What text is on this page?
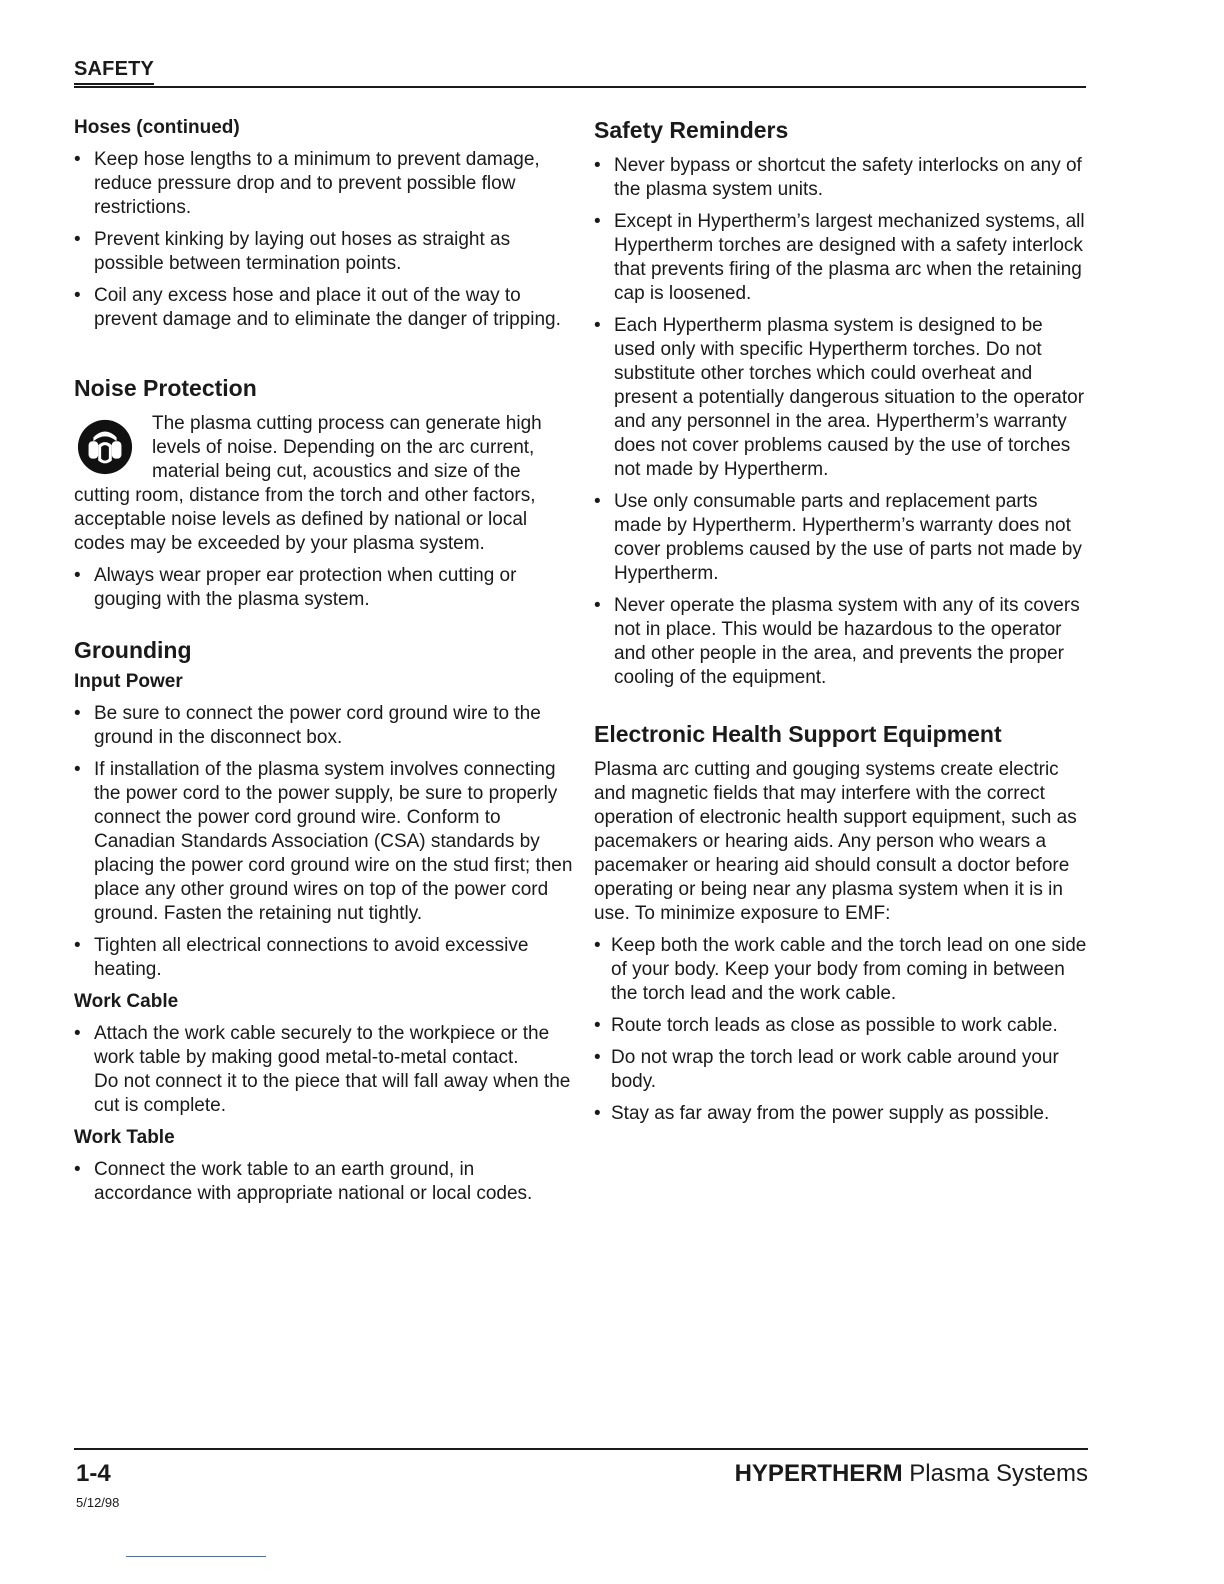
SAFETY
Hoses (continued)
• Keep hose lengths to a minimum to prevent damage, reduce pressure drop and to prevent possible flow restrictions.
• Prevent kinking by laying out hoses as straight as possible between termination points.
• Coil any excess hose and place it out of the way to prevent damage and to eliminate the danger of tripping.
Noise Protection

The plasma cutting process can generate high levels of noise. Depending on the arc current, material being cut, acoustics and size of the cutting room, distance from the torch and other factors, acceptable noise levels as defined by national or local codes may be exceeded by your plasma system.

• Always wear proper ear protection when cutting or gouging with the plasma system.
Grounding
Input Power
• Be sure to connect the power cord ground wire to the ground in the disconnect box.
• If installation of the plasma system involves connecting the power cord to the power supply, be sure to properly connect the power cord ground wire. Conform to Canadian Standards Association (CSA) standards by placing the power cord ground wire on the stud first; then place any other ground wires on top of the power cord ground. Fasten the retaining nut tightly.
• Tighten all electrical connections to avoid excessive heating.
Work Cable
• Attach the work cable securely to the workpiece or the work table by making good metal-to-metal contact.
Do not connect it to the piece that will fall away when the cut is complete.
Work Table
• Connect the work table to an earth ground, in accordance with appropriate national or local codes.
Safety Reminders
• Never bypass or shortcut the safety interlocks on any of the plasma system units.
• Except in Hypertherm’s largest mechanized systems, all Hypertherm torches are designed with a safety interlock that prevents firing of the plasma arc when the retaining cap is loosened.
• Each Hypertherm plasma system is designed to be used only with specific Hypertherm torches. Do not substitute other torches which could overheat and present a potentially dangerous situation to the operator and any personnel in the area. Hypertherm’s warranty does not cover problems caused by the use of torches not made by Hypertherm.
• Use only consumable parts and replacement parts made by Hypertherm. Hypertherm’s warranty does not cover problems caused by the use of parts not made by Hypertherm.
• Never operate the plasma system with any of its covers not in place. This would be hazardous to the operator and other people in the area, and prevents the proper cooling of the equipment.
Electronic Health Support Equipment

Plasma arc cutting and gouging systems create electric and magnetic fields that may interfere with the correct operation of electronic health support equipment, such as pacemakers or hearing aids. Any person who wears a pacemaker or hearing aid should consult a doctor before operating or being near any plasma system when it is in use. To minimize exposure to EMF:

• Keep both the work cable and the torch lead on one side of your body. Keep your body from coming in between the torch lead and the work cable.
• Route torch leads as close as possible to work cable.
• Do not wrap the torch lead or work cable around your body.
• Stay as far away from the power supply as possible.
1-4
5/12/98
HYPERTHERM Plasma Systems
